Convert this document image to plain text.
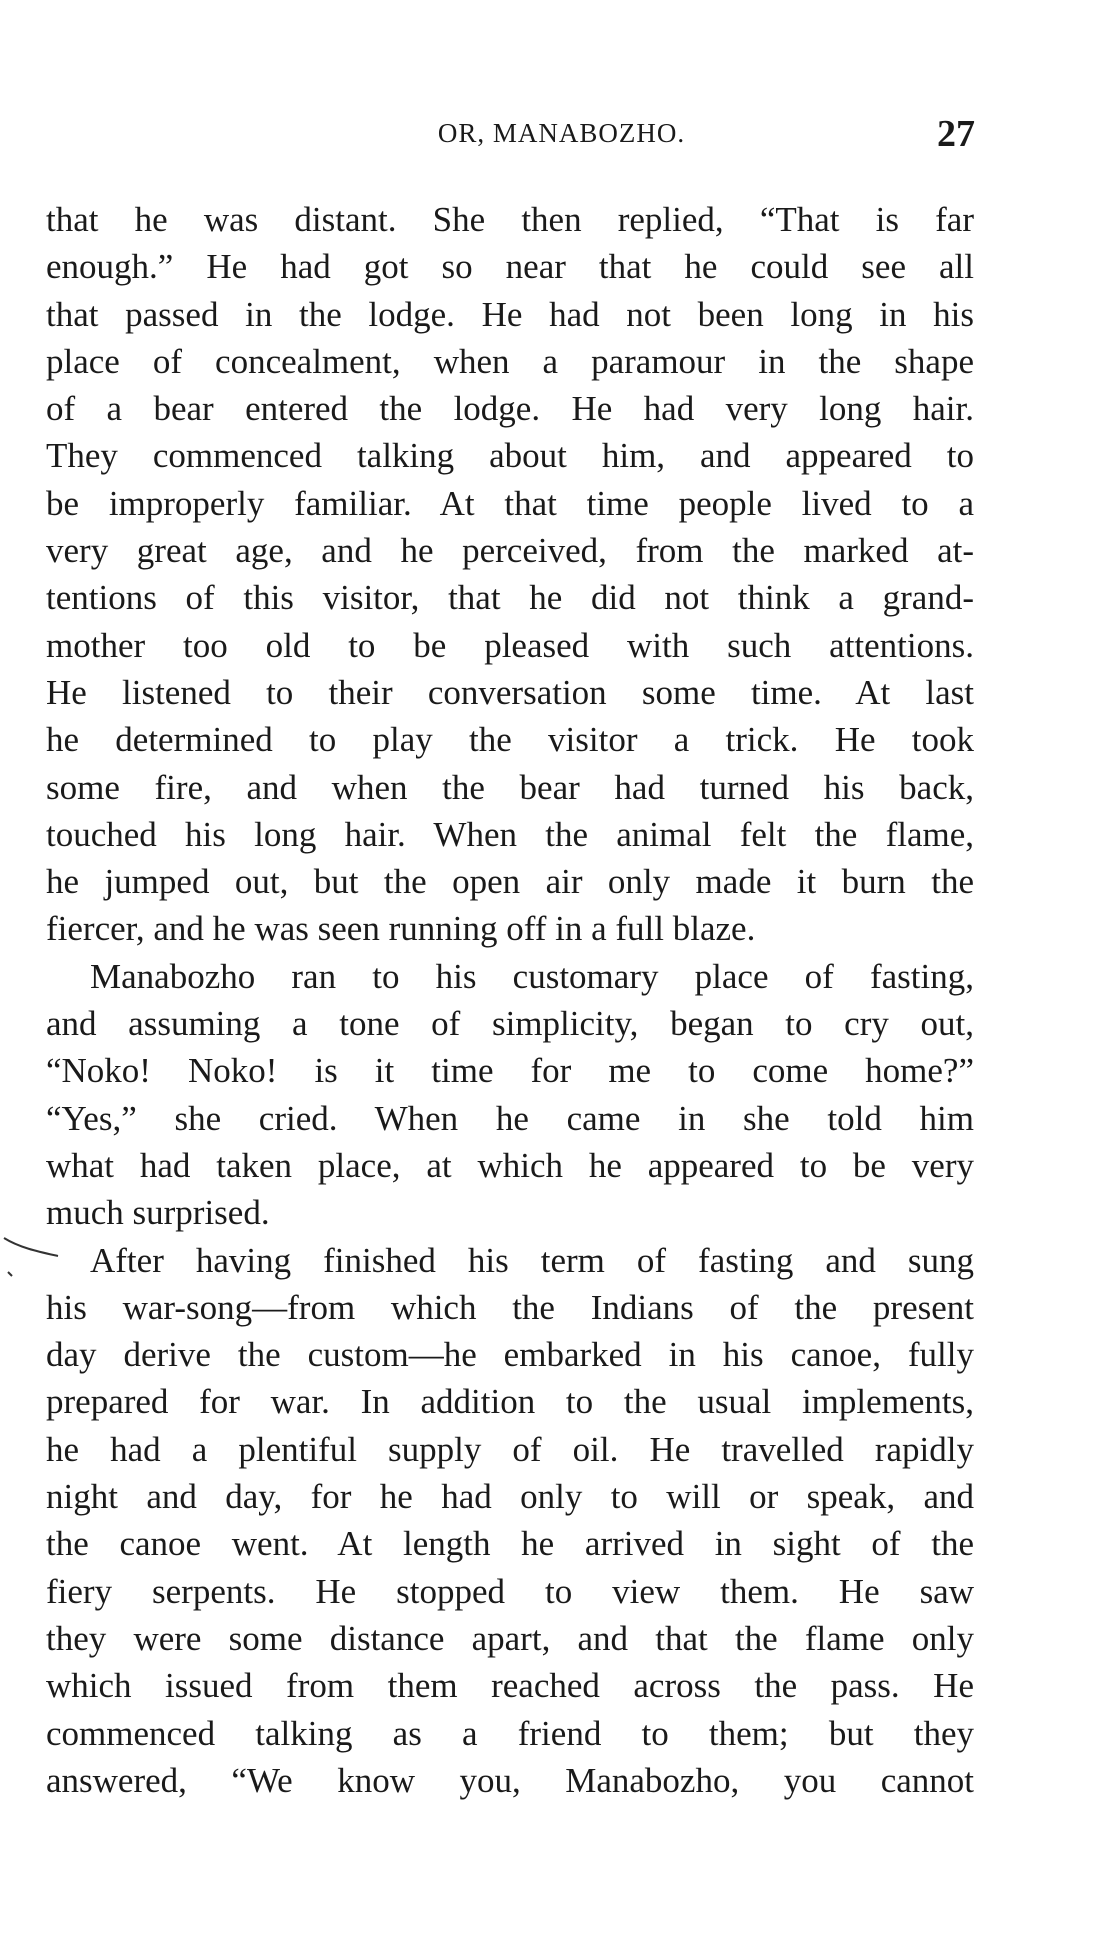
OR, MANABOZHO.	27

that he was distant. She then replied, “That is far
enough.” He had got so near that he could see all
that passed in the lodge. He had not been long in his
place of concealment, when a paramour in the shape
of a bear entered the lodge. He had very long hair.
They commenced talking about him, and appeared to
be improperly familiar. At that time people lived to a
very great age, and he perceived, from the marked at-
tentions of this visitor, that he did not think a grand-
mother too old to be pleased with such attentions.
He listened to their conversation some time. At last
he determined to play the visitor a trick. He took
some fire, and when the bear had turned his back,
touched his long hair. When the animal felt the flame,
he jumped out, but the open air only made it burn the
fiercer, and he was seen running off in a full blaze.

Manabozho ran to his customary place of fasting,
and assuming a tone of simplicity, began to cry out,
“Noko! Noko! is it time for me to come home?”
“Yes,” she cried. When he came in she told him
what had taken place, at which he appeared to be very
much surprised.

After having finished his term of fasting and sung
his war-song—from which the Indians of the present
day derive the custom—he embarked in his canoe, fully
prepared for war. In addition to the usual implements,
he had a plentiful supply of oil. He travelled rapidly
night and day, for he had only to will or speak, and
the canoe went. At length he arrived in sight of the
fiery serpents. He stopped to view them. He saw
they were some distance apart, and that the flame only
which issued from them reached across the pass. He
commenced talking as a friend to them; but they
answered, “We know you, Manabozho, you cannot
